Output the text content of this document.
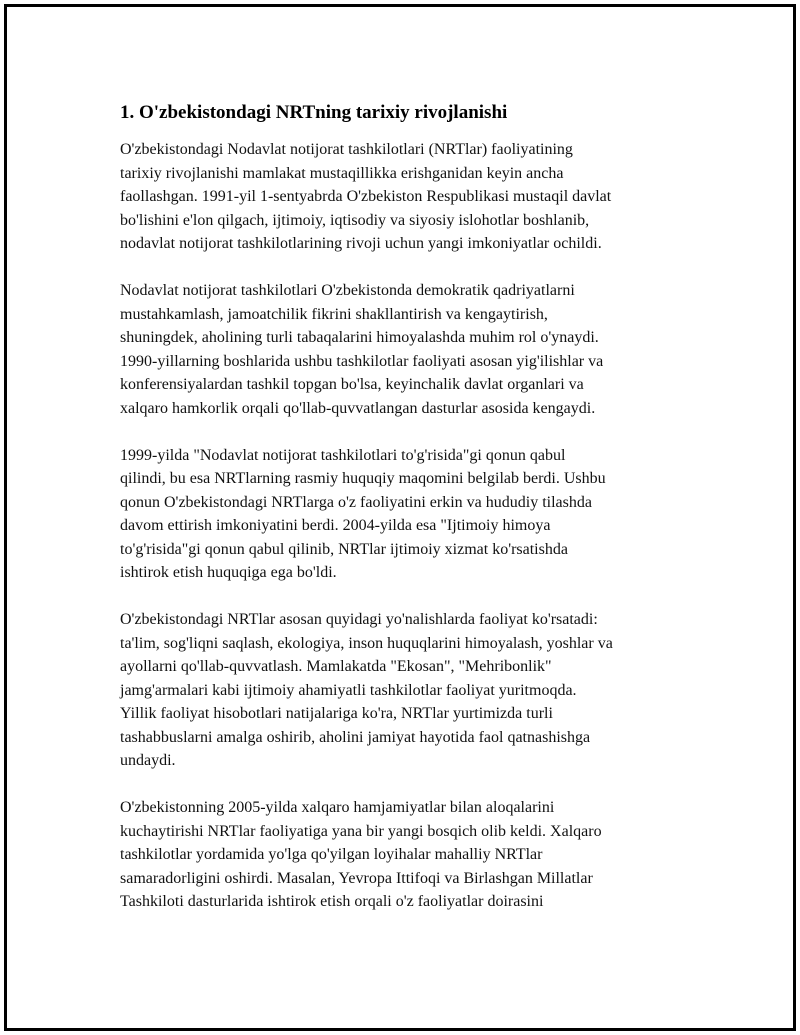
1. O'zbekistondagi NRTning tarixiy rivojlanishi
O'zbekistondagi Nodavlat notijorat tashkilotlari (NRTlar) faoliyatining
tarixiy rivojlanishi mamlakat mustaqillikka erishganidan keyin ancha
faollashgan. 1991-yil 1-sentyabrda O'zbekiston Respublikasi mustaqil davlat
bo'lishini e'lon qilgach, ijtimoiy, iqtisodiy va siyosiy islohotlar boshlanib,
nodavlat notijorat tashkilotlarining rivoji uchun yangi imkoniyatlar ochildi.
Nodavlat notijorat tashkilotlari O'zbekistonda demokratik qadriyatlarni
mustahkamlash, jamoatchilik fikrini shakllantirish va kengaytirish,
shuningdek, aholining turli tabaqalarini himoyalashda muhim rol o'ynaydi.
1990-yillarning boshlarida ushbu tashkilotlar faoliyati asosan yig'ilishlar va
konferensiyalardan tashkil topgan bo'lsa, keyinchalik davlat organlari va
xalqaro hamkorlik orqali qo'llab-quvvatlangan dasturlar asosida kengaydi.
1999-yilda "Nodavlat notijorat tashkilotlari to'g'risida"gi qonun qabul
qilindi, bu esa NRTlarning rasmiy huquqiy maqomini belgilab berdi. Ushbu
qonun O'zbekistondagi NRTlarga o'z faoliyatini erkin va hududiy tilashda
davom ettirish imkoniyatini berdi. 2004-yilda esa "Ijtimoiy himoya
to'g'risida"gi qonun qabul qilinib, NRTlar ijtimoiy xizmat ko'rsatishda
ishtirok etish huquqiga ega bo'ldi.
O'zbekistondagi NRTlar asosan quyidagi yo'nalishlarda faoliyat ko'rsatadi:
ta'lim, sog'liqni saqlash, ekologiya, inson huquqlarini himoyalash, yoshlar va
ayollarni qo'llab-quvvatlash. Mamlakatda "Ekosan", "Mehribonlik"
jamg'armalari kabi ijtimoiy ahamiyatli tashkilotlar faoliyat yuritmoqda.
Yillik faoliyat hisobotlari natijalariga ko'ra, NRTlar yurtimizda turli
tashabbuslarni amalga oshirib, aholini jamiyat hayotida faol qatnashishga
undaydi.
O'zbekistonning 2005-yilda xalqaro hamjamiyatlar bilan aloqalarini
kuchaytirishi NRTlar faoliyatiga yana bir yangi bosqich olib keldi. Xalqaro
tashkilotlar yordamida yo'lga qo'yilgan loyihalar mahalliy NRTlar
samaradorligini oshirdi. Masalan, Yevropa Ittifoqi va Birlashgan Millatlar
Tashkiloti dasturlarida ishtirok etish orqali o'z faoliyatlar doirasini
